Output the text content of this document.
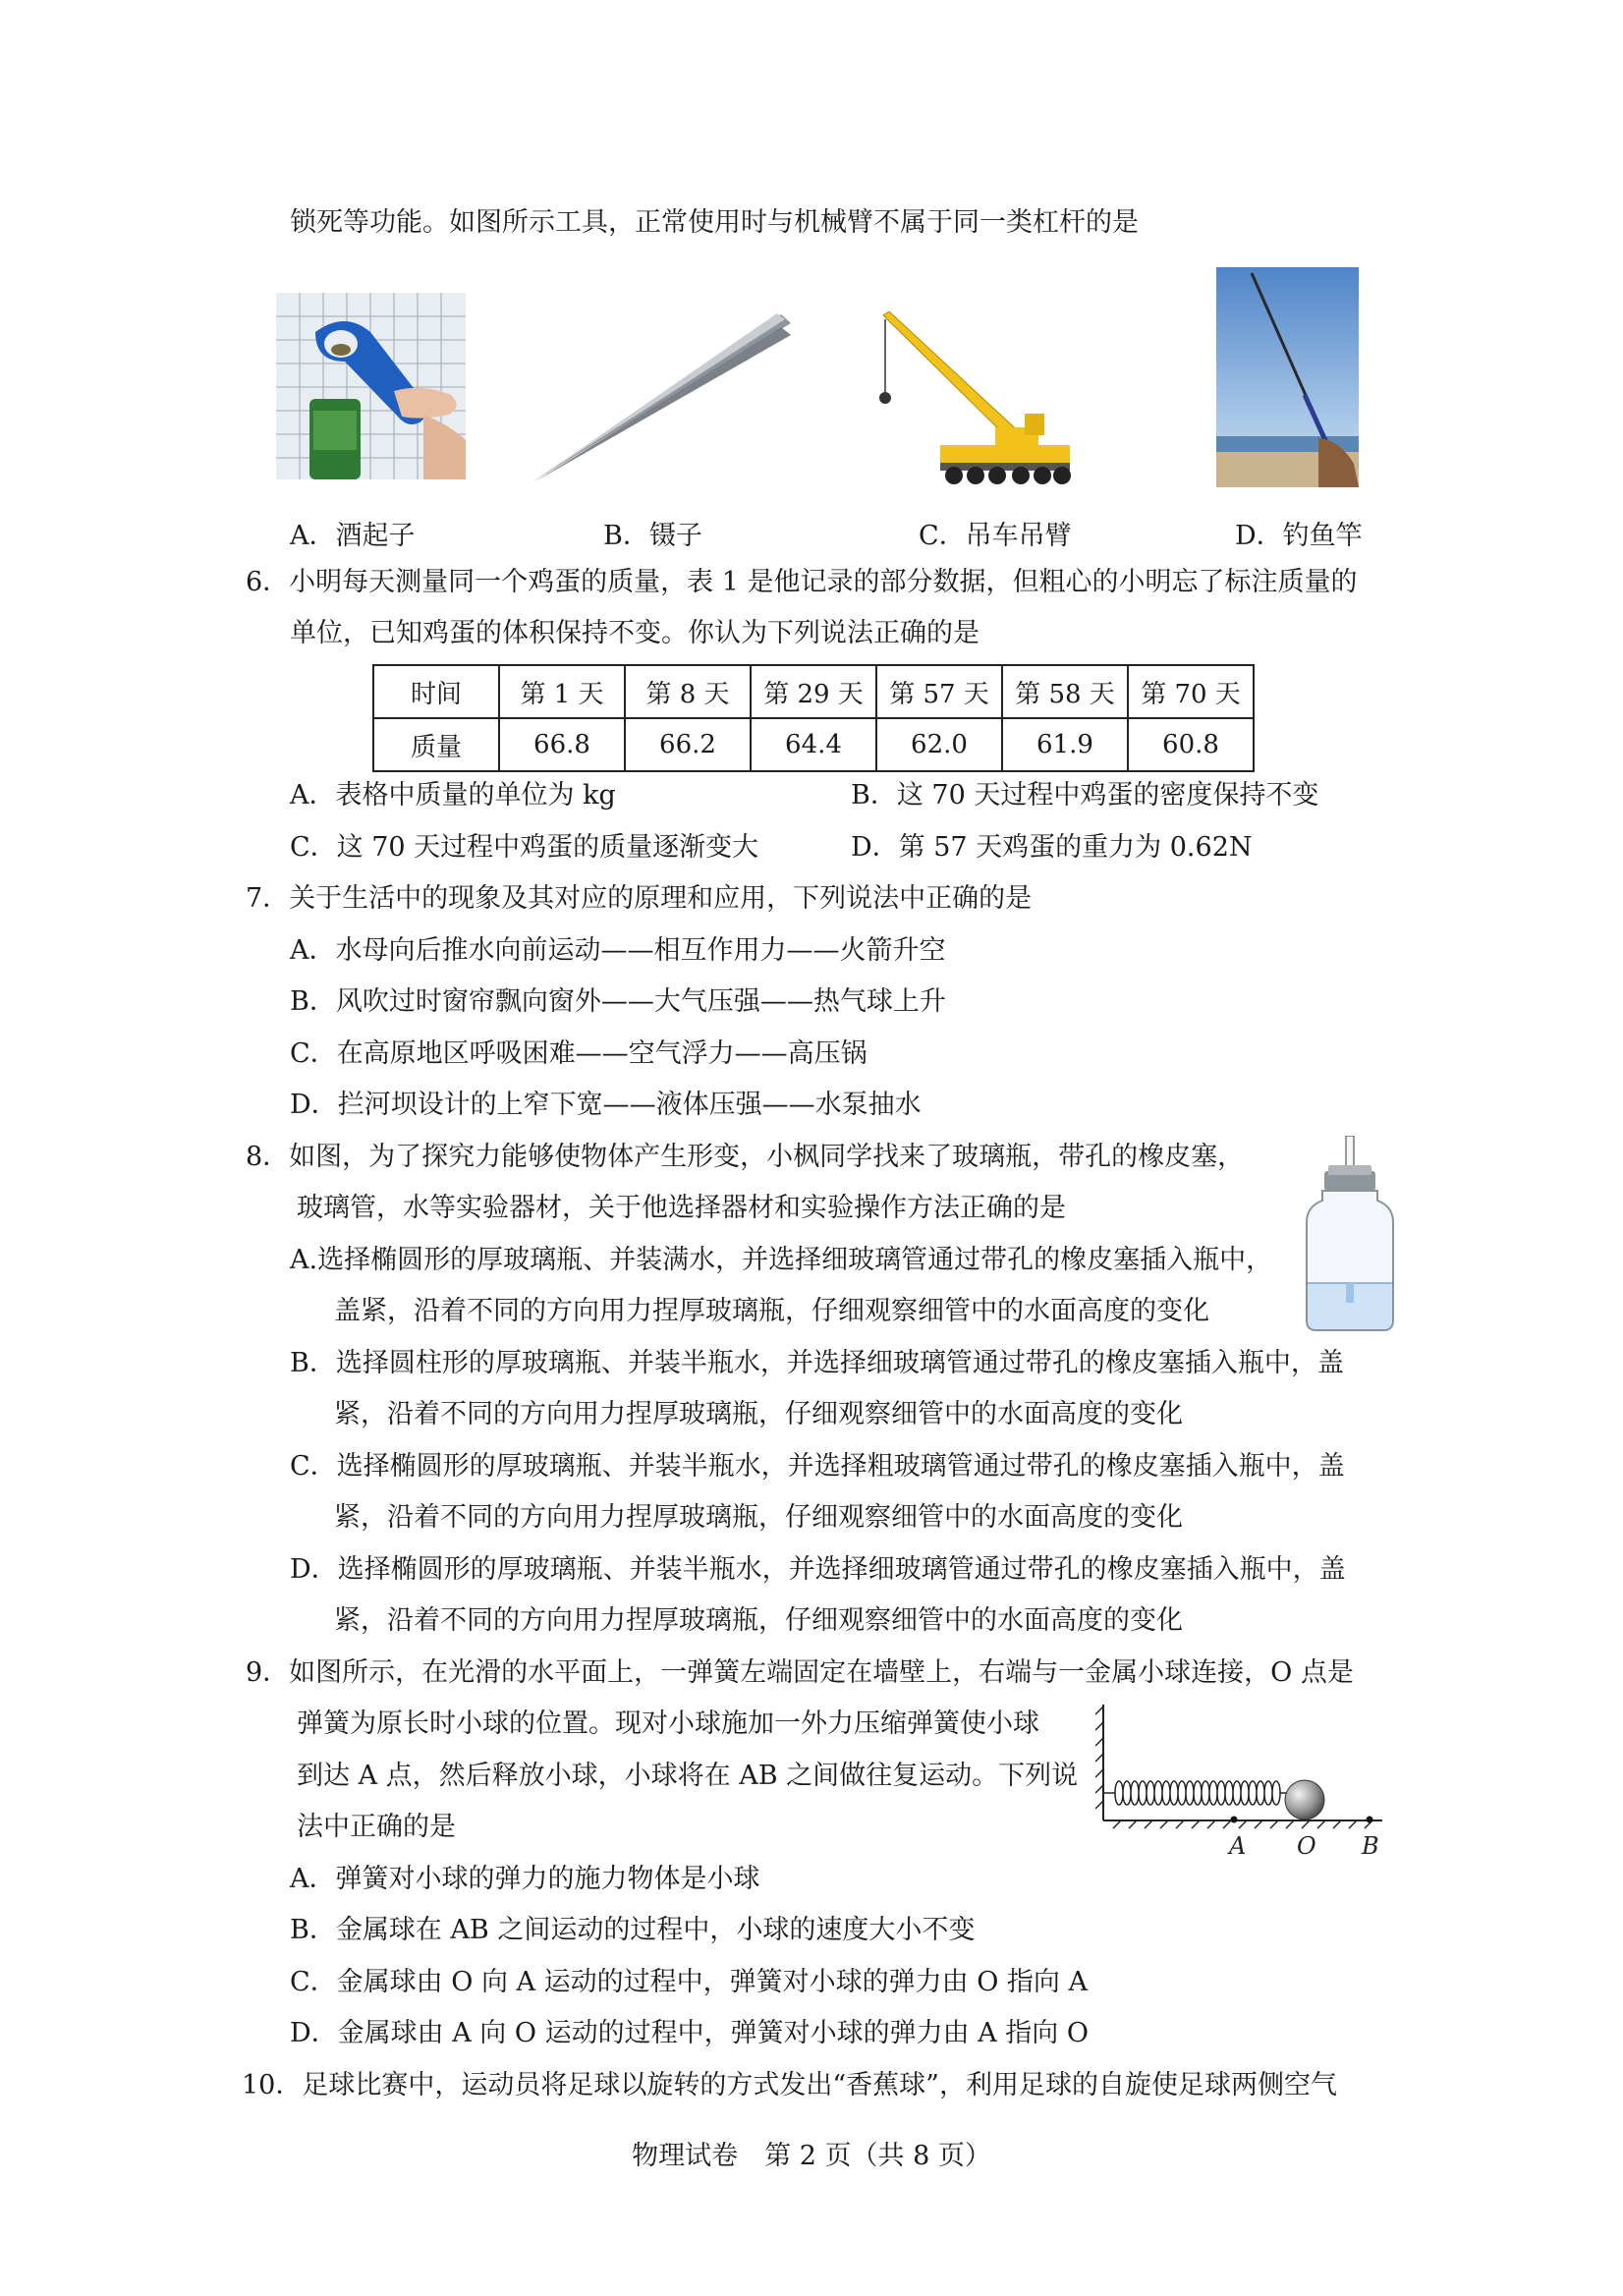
锁死等功能。如图所示工具，正常使用时与机械臂不属于同一类杠杆的是
A．酒起子	B．镊子	C．吊车吊臂	D．钓鱼竿
6．小明每天测量同一个鸡蛋的质量，表 1 是他记录的部分数据，但粗心的小明忘了标注质量的
单位，已知鸡蛋的体积保持不变。你认为下列说法正确的是
时间	第 1 天	第 8 天	第 29 天	第 57 天	第 58 天	第 70 天
质量	66.8	66.2	64.4	62.0	61.9	60.8
A．表格中质量的单位为 kg	B．这 70 天过程中鸡蛋的密度保持不变
C．这 70 天过程中鸡蛋的质量逐渐变大	D．第 57 天鸡蛋的重力为 0.62N
7．关于生活中的现象及其对应的原理和应用，下列说法中正确的是
A．水母向后推水向前运动——相互作用力——火箭升空
B．风吹过时窗帘飘向窗外——大气压强——热气球上升
C．在高原地区呼吸困难——空气浮力——高压锅
D．拦河坝设计的上窄下宽——液体压强——水泵抽水
8．如图，为了探究力能够使物体产生形变，小枫同学找来了玻璃瓶，带孔的橡皮塞，
玻璃管，水等实验器材，关于他选择器材和实验操作方法正确的是
A.选择椭圆形的厚玻璃瓶、并装满水，并选择细玻璃管通过带孔的橡皮塞插入瓶中，
盖紧，沿着不同的方向用力捏厚玻璃瓶，仔细观察细管中的水面高度的变化
B．选择圆柱形的厚玻璃瓶、并装半瓶水，并选择细玻璃管通过带孔的橡皮塞插入瓶中，盖
紧，沿着不同的方向用力捏厚玻璃瓶，仔细观察细管中的水面高度的变化
C．选择椭圆形的厚玻璃瓶、并装半瓶水，并选择粗玻璃管通过带孔的橡皮塞插入瓶中，盖
紧，沿着不同的方向用力捏厚玻璃瓶，仔细观察细管中的水面高度的变化
D．选择椭圆形的厚玻璃瓶、并装半瓶水，并选择细玻璃管通过带孔的橡皮塞插入瓶中，盖
紧，沿着不同的方向用力捏厚玻璃瓶，仔细观察细管中的水面高度的变化
9．如图所示，在光滑的水平面上，一弹簧左端固定在墙壁上，右端与一金属小球连接，O 点是
弹簧为原长时小球的位置。现对小球施加一外力压缩弹簧使小球
到达 A 点，然后释放小球，小球将在 AB 之间做往复运动。下列说
法中正确的是
A O B
A．弹簧对小球的弹力的施力物体是小球
B．金属球在 AB 之间运动的过程中，小球的速度大小不变
C．金属球由 O 向 A 运动的过程中，弹簧对小球的弹力由 O 指向 A
D．金属球由 A 向 O 运动的过程中，弹簧对小球的弹力由 A 指向 O
10．足球比赛中，运动员将足球以旋转的方式发出“香蕉球”，利用足球的自旋使足球两侧空气
物理试卷　第 2 页（共 8 页）
